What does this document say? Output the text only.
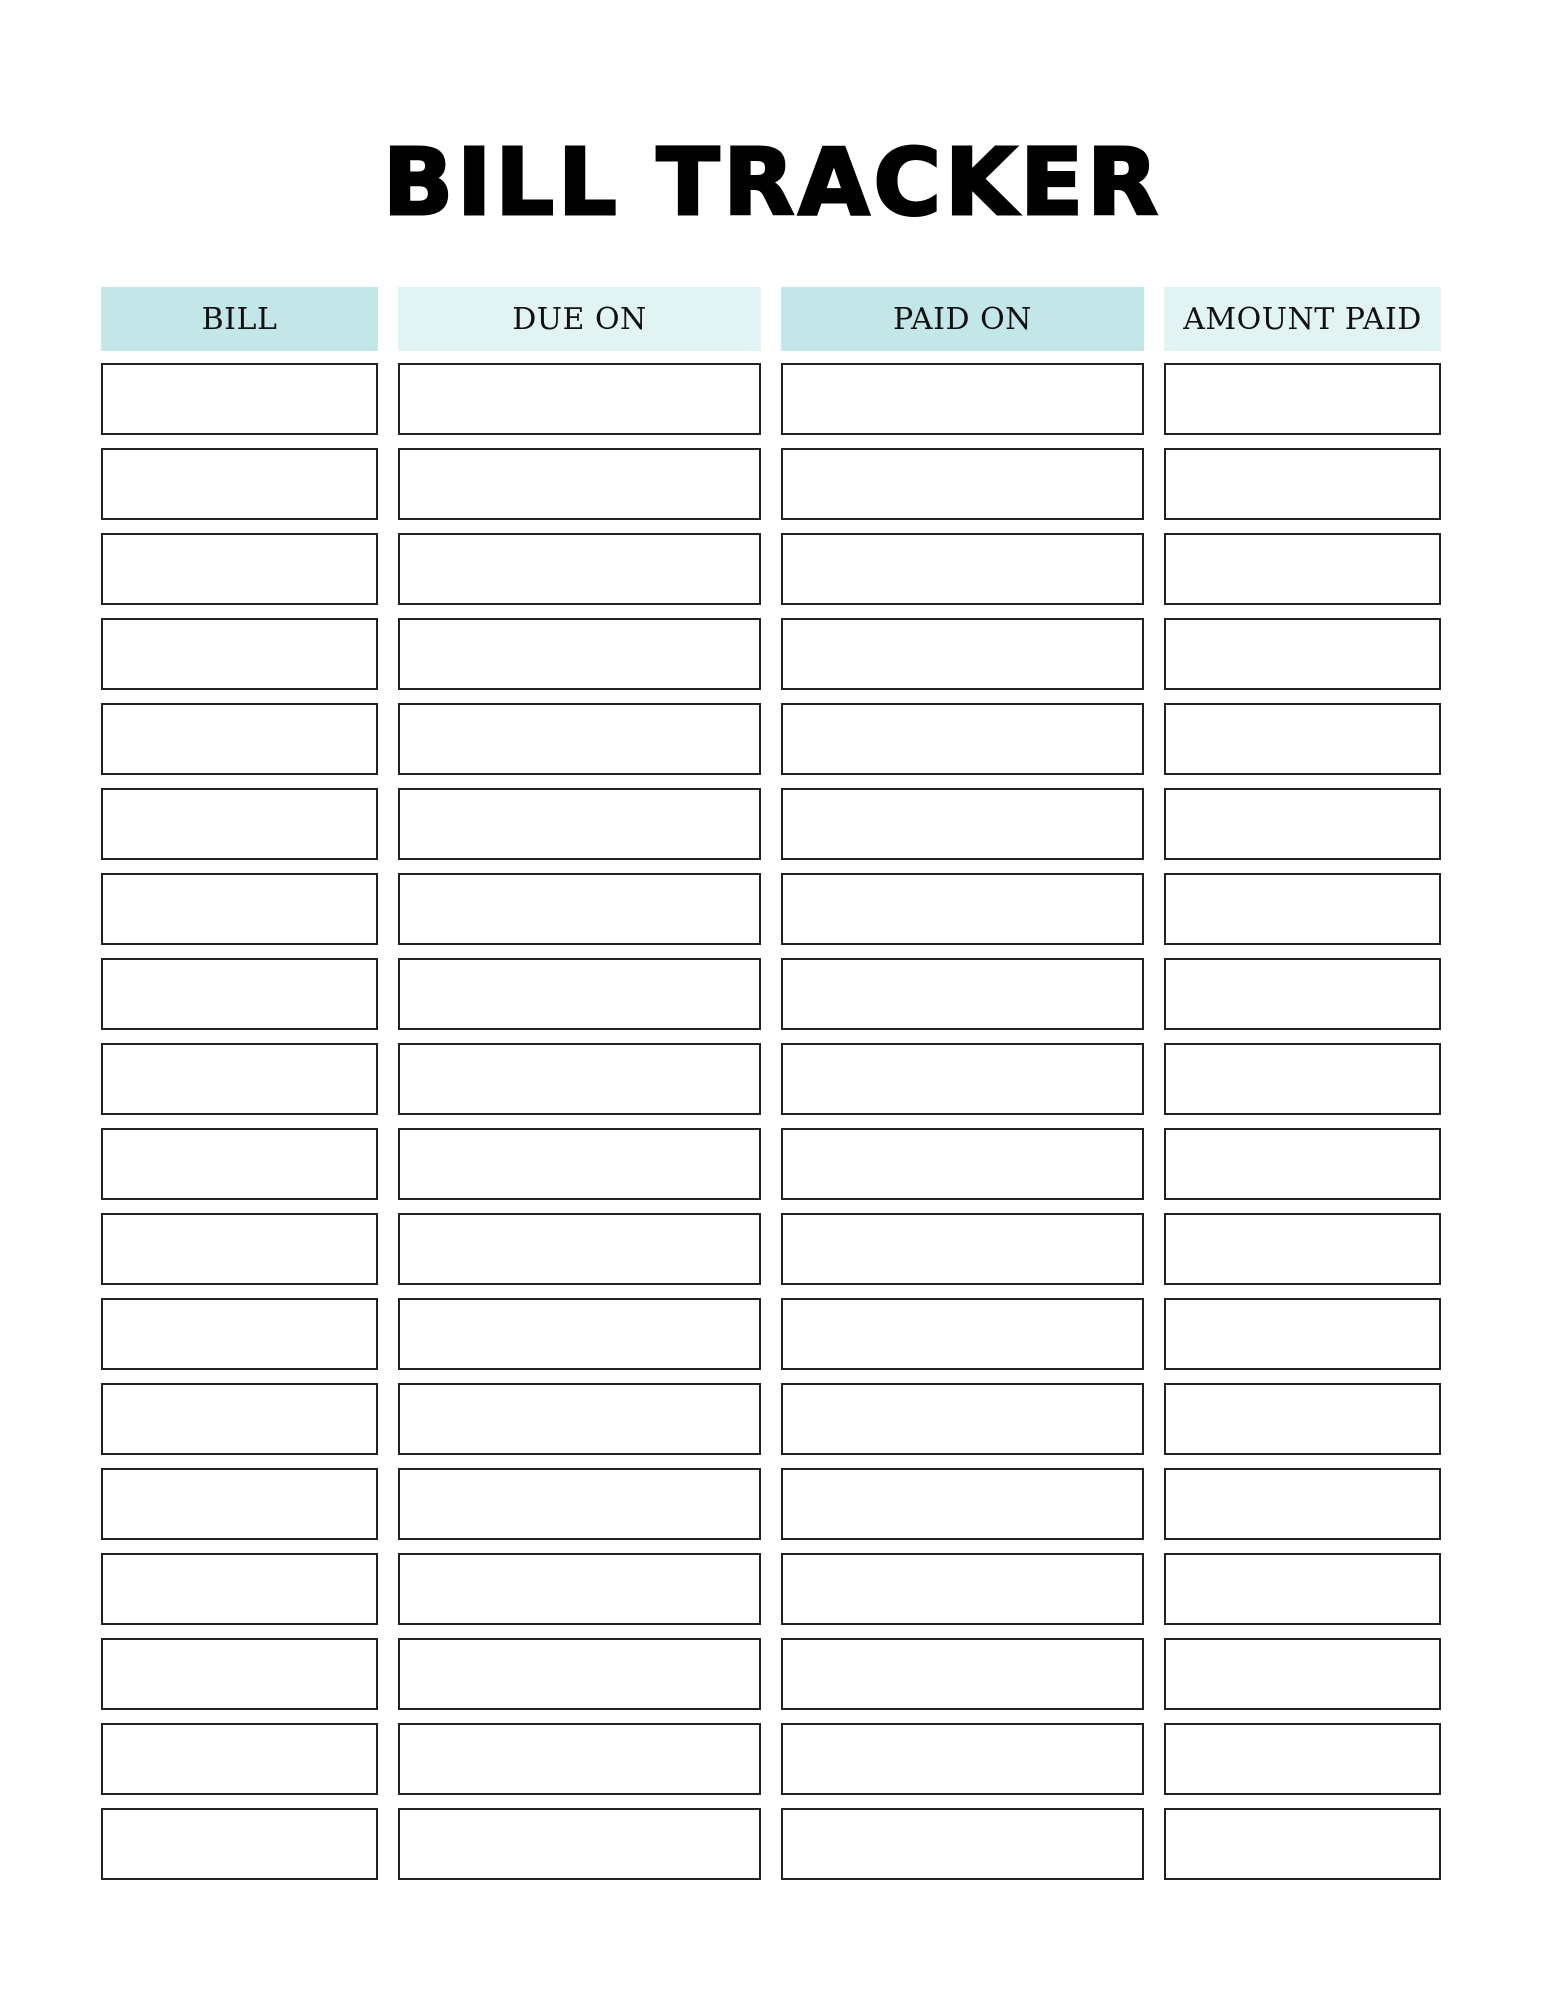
BILL TRACKER
BILL	DUE ON	PAID ON	AMOUNT PAID
